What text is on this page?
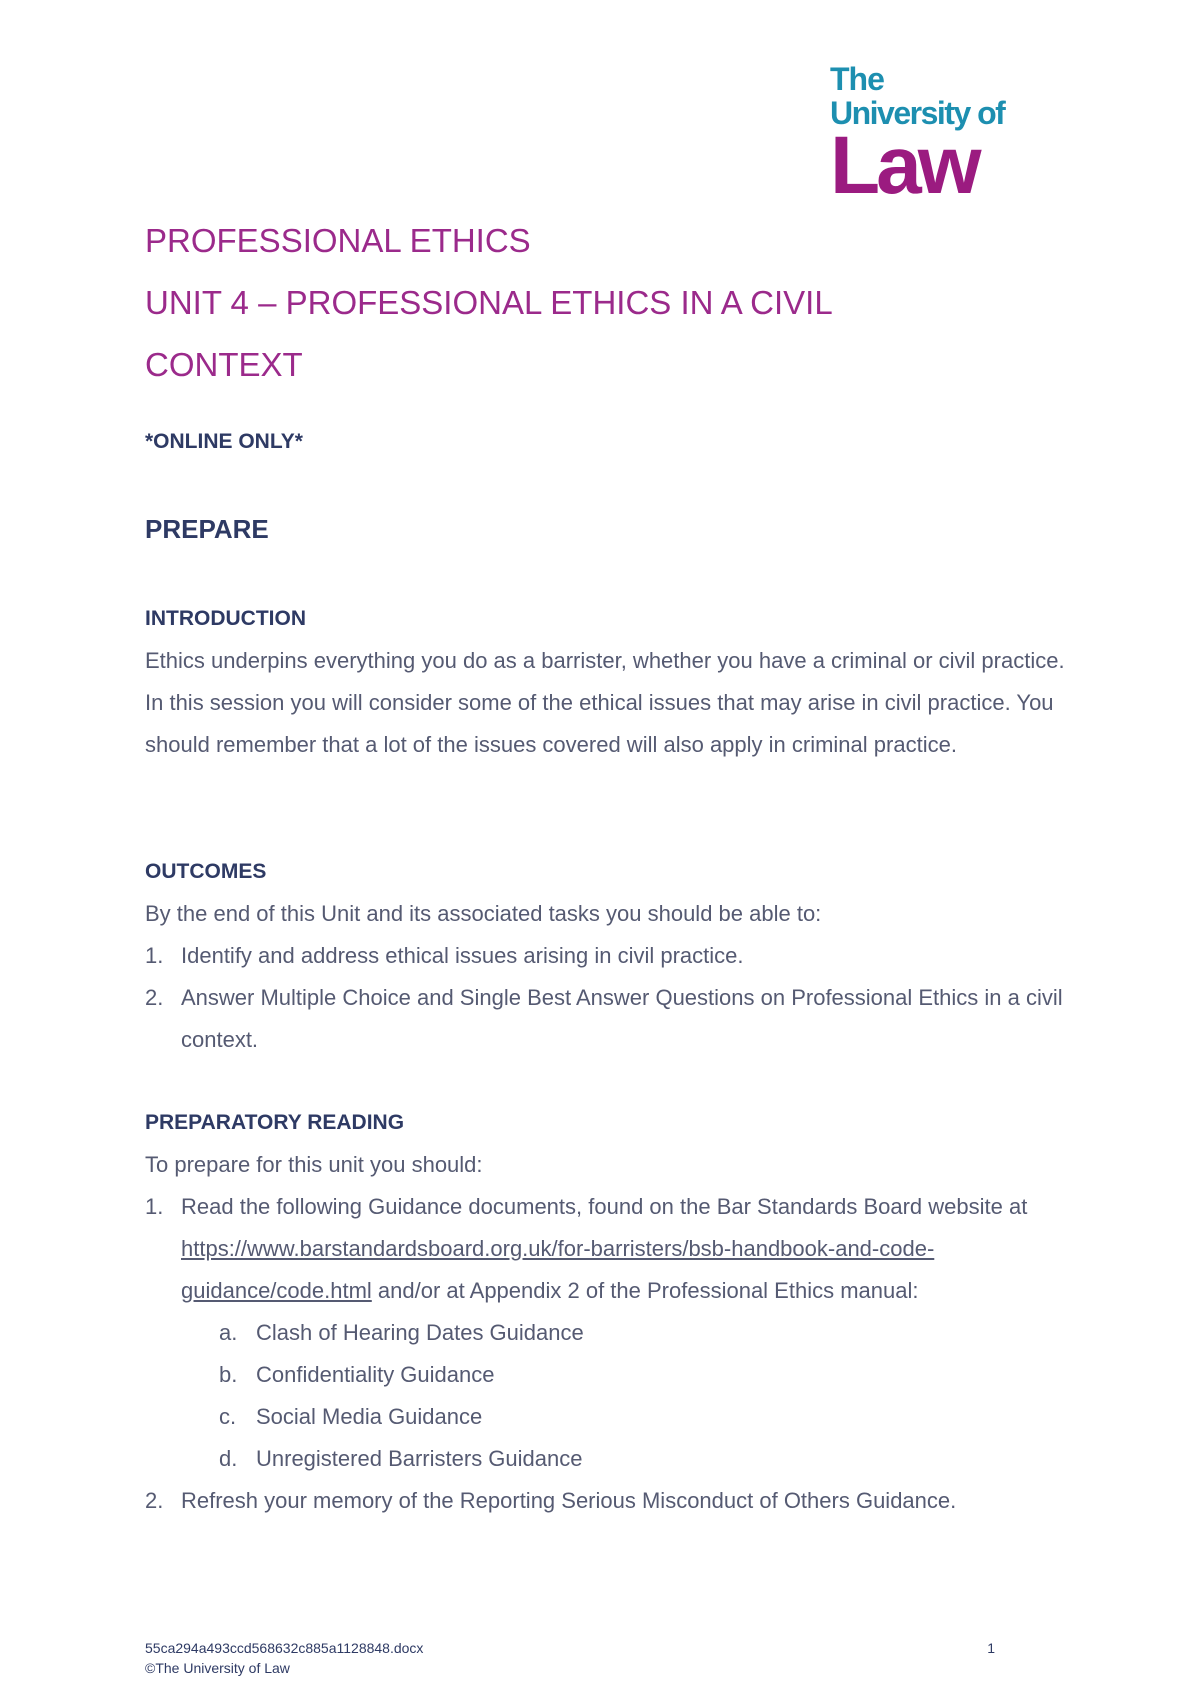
The
University of
Law
PROFESSIONAL ETHICS
UNIT 4 – PROFESSIONAL ETHICS IN A CIVIL
CONTEXT
*ONLINE ONLY*
PREPARE
INTRODUCTION
Ethics underpins everything you do as a barrister, whether you have a criminal or civil practice. In this session you will consider some of the ethical issues that may arise in civil practice. You should remember that a lot of the issues covered will also apply in criminal practice.
OUTCOMES
By the end of this Unit and its associated tasks you should be able to:
1. Identify and address ethical issues arising in civil practice.
2. Answer Multiple Choice and Single Best Answer Questions on Professional Ethics in a civil context.
PREPARATORY READING
To prepare for this unit you should:
1. Read the following Guidance documents, found on the Bar Standards Board website at https://www.barstandardsboard.org.uk/for-barristers/bsb-handbook-and-code-guidance/code.html and/or at Appendix 2 of the Professional Ethics manual:
a. Clash of Hearing Dates Guidance
b. Confidentiality Guidance
c. Social Media Guidance
d. Unregistered Barristers Guidance
2. Refresh your memory of the Reporting Serious Misconduct of Others Guidance.
55ca294a493ccd568632c885a1128848.docx
©The University of Law
1
